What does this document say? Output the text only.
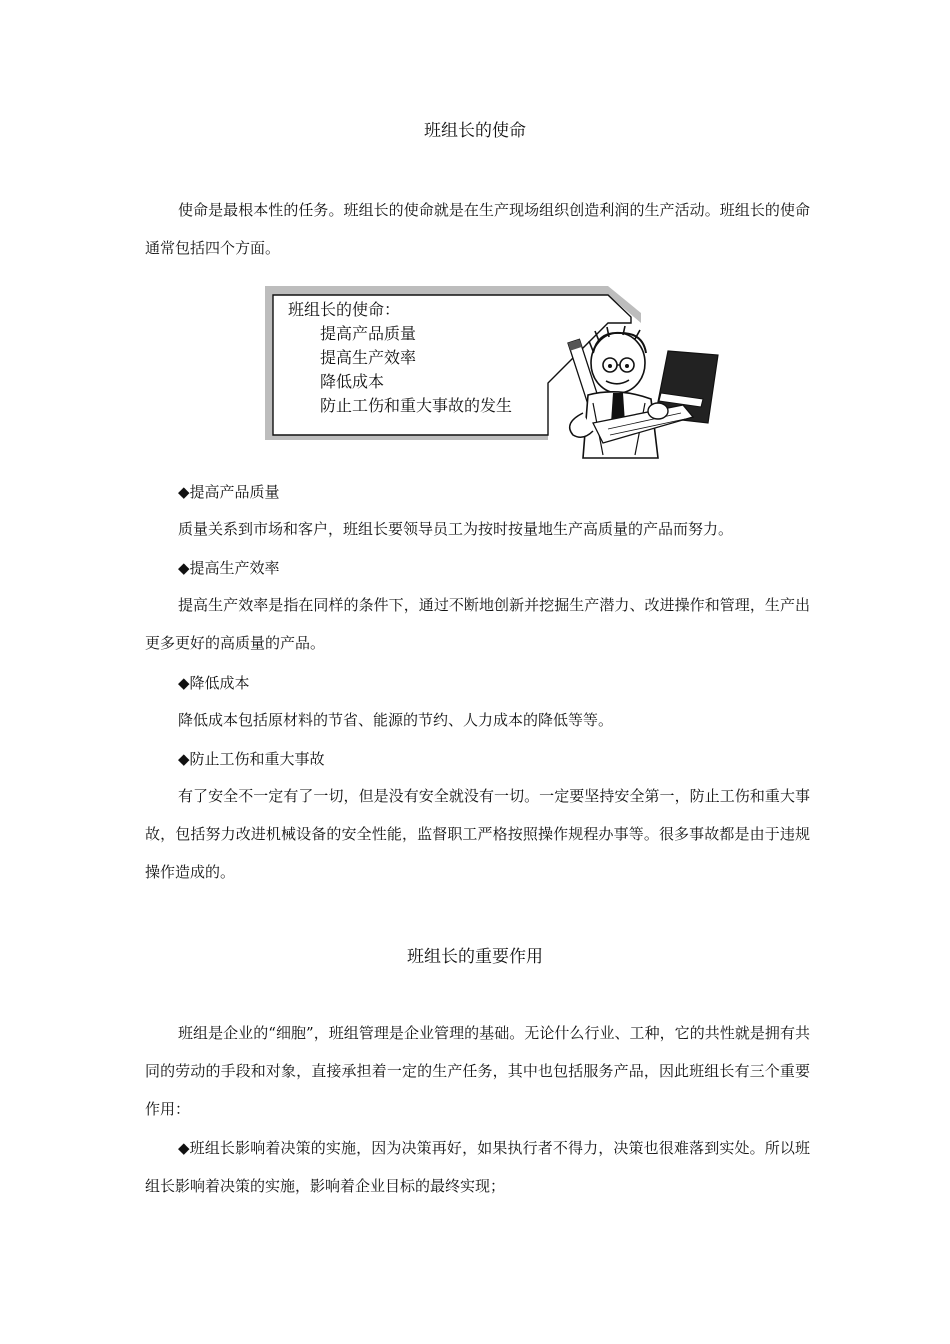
班组长的使命

使命是最根本性的任务。班组长的使命就是在生产现场组织创造利润的生产活动。班组长的使命通常包括四个方面。

班组长的使命：

提高产品质量

提高生产效率

降低成本

防止工伤和重大事故的发生

◆提高产品质量

质量关系到市场和客户，班组长要领导员工为按时按量地生产高质量的产品而努力。

◆提高生产效率

提高生产效率是指在同样的条件下，通过不断地创新并挖掘生产潜力、改进操作和管理，生产出更多更好的高质量的产品。

◆降低成本

降低成本包括原材料的节省、能源的节约、人力成本的降低等等。

◆防止工伤和重大事故

有了安全不一定有了一切，但是没有安全就没有一切。一定要坚持安全第一，防止工伤和重大事故，包括努力改进机械设备的安全性能，监督职工严格按照操作规程办事等。很多事故都是由于违规操作造成的。

班组长的重要作用

班组是企业的“细胞”，班组管理是企业管理的基础。无论什么行业、工种，它的共性就是拥有共同的劳动的手段和对象，直接承担着一定的生产任务，其中也包括服务产品，因此班组长有三个重要作用：

◆班组长影响着决策的实施，因为决策再好，如果执行者不得力，决策也很难落到实处。所以班组长影响着决策的实施，影响着企业目标的最终实现；
